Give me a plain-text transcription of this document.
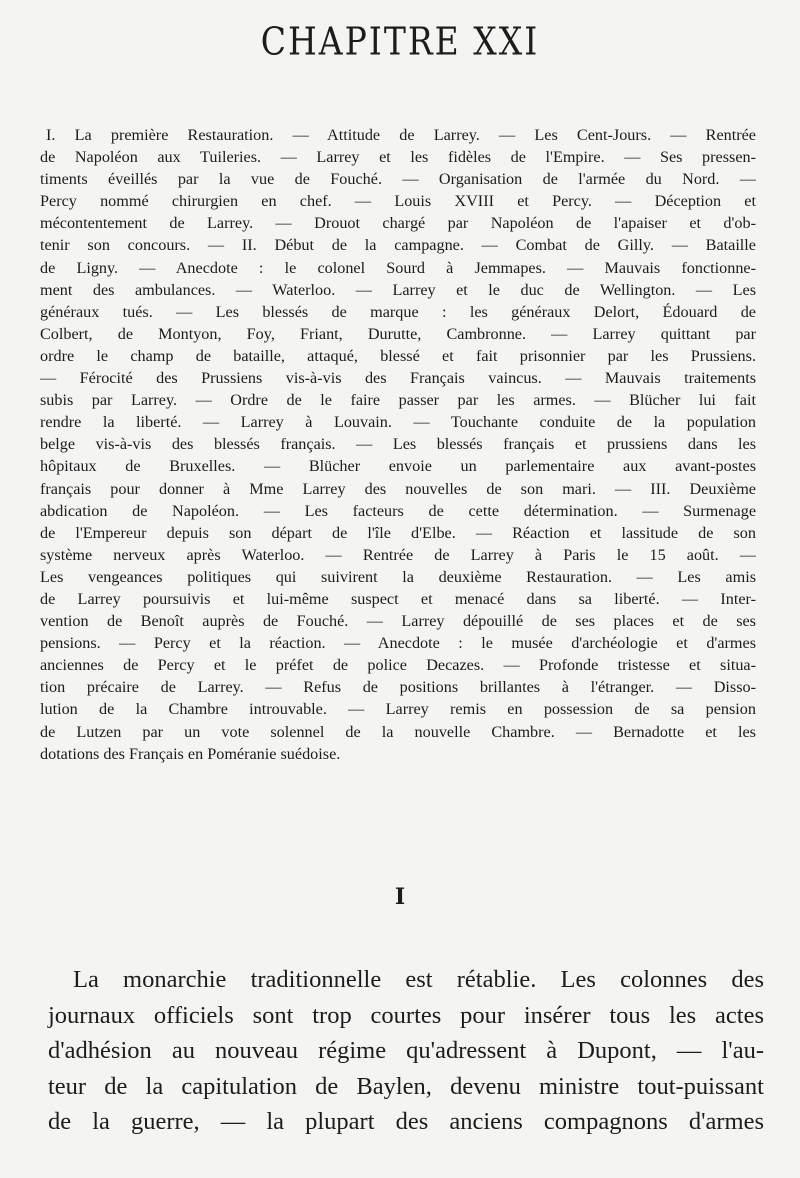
CHAPITRE XXI
I. La première Restauration. — Attitude de Larrey. — Les Cent-Jours. — Rentrée
de Napoléon aux Tuileries. — Larrey et les fidèles de l'Empire. — Ses pressen-
timents éveillés par la vue de Fouché. — Organisation de l'armée du Nord. —
Percy nommé chirurgien en chef. — Louis XVIII et Percy. — Déception et
mécontentement de Larrey. — Drouot chargé par Napoléon de l'apaiser et d'ob-
tenir son concours. — II. Début de la campagne. — Combat de Gilly. — Bataille
de Ligny. — Anecdote : le colonel Sourd à Jemmapes. — Mauvais fonctionne-
ment des ambulances. — Waterloo. — Larrey et le duc de Wellington. — Les
généraux tués. — Les blessés de marque : les généraux Delort, Édouard de
Colbert, de Montyon, Foy, Friant, Durutte, Cambronne. — Larrey quittant par
ordre le champ de bataille, attaqué, blessé et fait prisonnier par les Prussiens.
— Férocité des Prussiens vis-à-vis des Français vaincus. — Mauvais traitements
subis par Larrey. — Ordre de le faire passer par les armes. — Blücher lui fait
rendre la liberté. — Larrey à Louvain. — Touchante conduite de la population
belge vis-à-vis des blessés français. — Les blessés français et prussiens dans les
hôpitaux de Bruxelles. — Blücher envoie un parlementaire aux avant-postes
français pour donner à Mme Larrey des nouvelles de son mari. — III. Deuxième
abdication de Napoléon. — Les facteurs de cette détermination. — Surmenage
de l'Empereur depuis son départ de l'île d'Elbe. — Réaction et lassitude de son
système nerveux après Waterloo. — Rentrée de Larrey à Paris le 15 août. —
Les vengeances politiques qui suivirent la deuxième Restauration. — Les amis
de Larrey poursuivis et lui-même suspect et menacé dans sa liberté. — Inter-
vention de Benoît auprès de Fouché. — Larrey dépouillé de ses places et de ses
pensions. — Percy et la réaction. — Anecdote : le musée d'archéologie et d'armes
anciennes de Percy et le préfet de police Decazes. — Profonde tristesse et situa-
tion précaire de Larrey. — Refus de positions brillantes à l'étranger. — Disso-
lution de la Chambre introuvable. — Larrey remis en possession de sa pension
de Lutzen par un vote solennel de la nouvelle Chambre. — Bernadotte et les
dotations des Français en Poméranie suédoise.
I
La monarchie traditionnelle est rétablie. Les colonnes des
journaux officiels sont trop courtes pour insérer tous les actes
d'adhésion au nouveau régime qu'adressent à Dupont, — l'au-
teur de la capitulation de Baylen, devenu ministre tout-puissant
de la guerre, — la plupart des anciens compagnons d'armes
